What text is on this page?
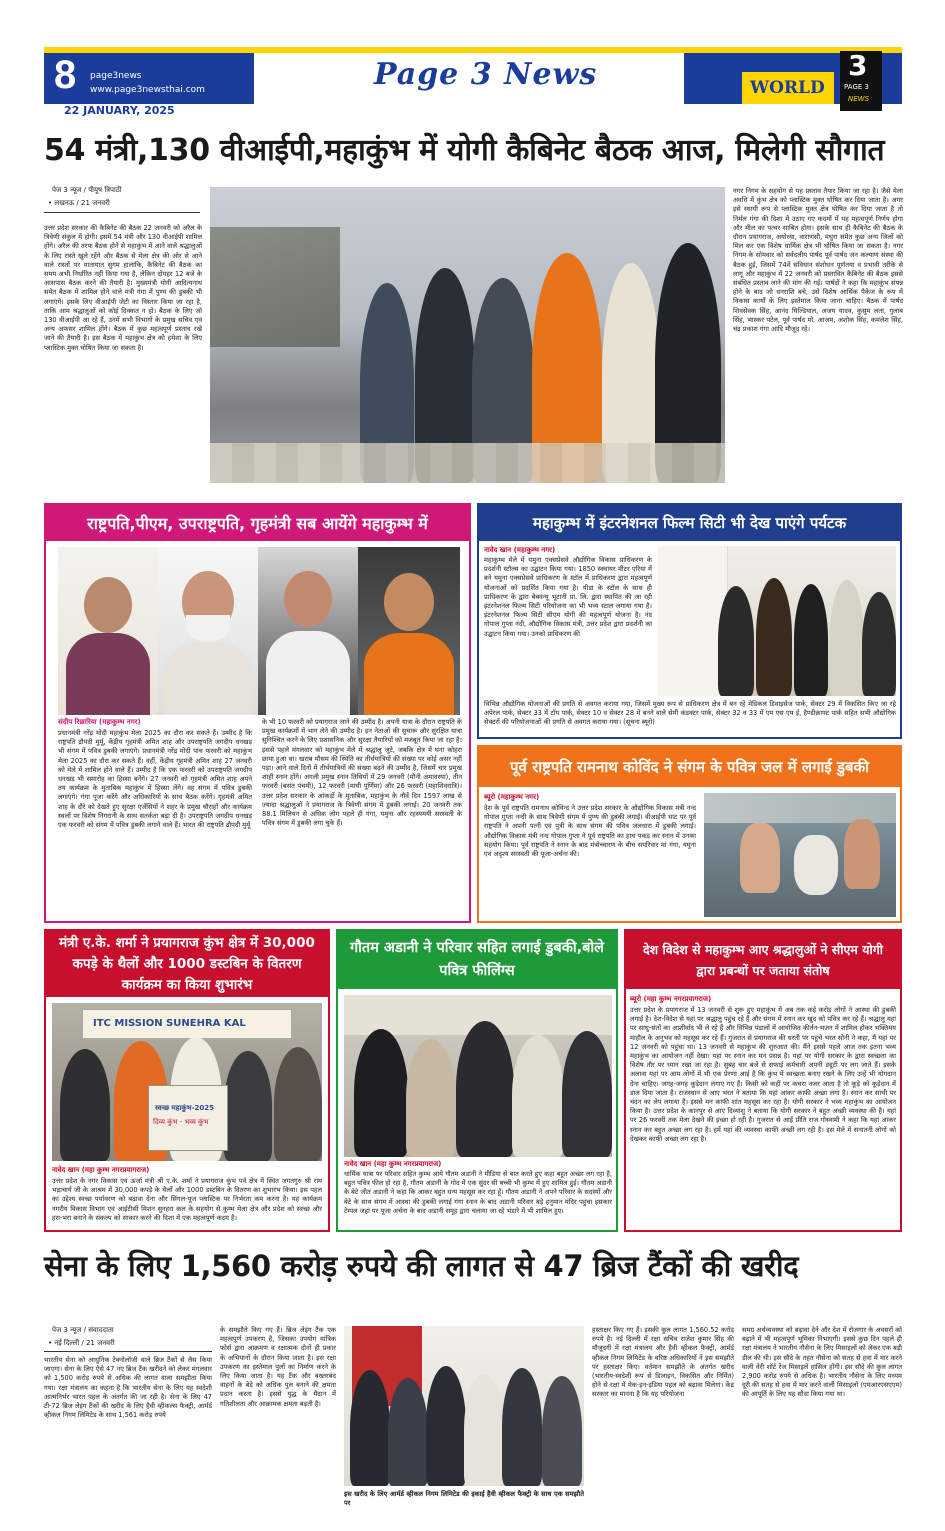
8 page3news
www.page3newsthai.com
22 JANUARY, 2025
Page 3 News	WORLD
3
PAGE 3
NEWS
54 मंत्री,130 वीआईपी,महाकुंभ में योगी कैबिनेट बैठक आज, मिलेगी सौगात
पेज 3 न्यूज / पीयूष त्रिपाठी
• लखनऊ / 21 जनवरी
उत्तर प्रदेश सरकार की कैबिनेट की बैठक 22 जनवरी को अरैल के त्रिवेणी संकुल में होगी। इसमें 54 मंत्री और 130 वीआईपी शामिल होंगे। अरैल की तरफ बैठक होने से महाकुंभ में आने वाले श्रद्धालुओं के लिए रास्ते खुले रहेंगे और बैठक से मेला क्षेत्र की ओर से आने वाले रास्तों पर यातायात सुगम हालांकि, कैबिनेट की बैठक का समय अभी निर्धारित नहीं किया गया है, लेकिन दोपहर 12 बजे के आसपास बैठक करने की तैयारी है। मुख्यमंत्री योगी आदित्यनाथ समेत बैठक में शामिल होने वाले मंत्री गंगा में पुण्य की डुबकी भी लगाएंगे। इसके लिए वीआईपी जेटी का विस्तार किया जा रहा है, ताकि आम श्रद्धालुओं को कोई दिक्कत न हो। बैठक के लिए जो 130 वीआईपी आ रहे हैं, उनमें सभी विभागों के प्रमुख सचिव एवं अन्य अफसर शामिल होंगे। बैठक में कुछ महत्वपूर्ण प्रस्ताव रखे जाने की तैयारी है। इस बैठक में महाकुंभ क्षेत्र को हमेशा के लिए प्लास्टिक मुक्त घोषित किया जा सकता है।
नगर निगम के सहयोग से यह प्रस्ताव तैयार किया जा रहा है। जैसे मेला अवधि में कुंभ क्षेत्र को प्लास्टिक मुक्त घोषित कर दिया जाता है। अगर इसे स्थायी रूप से प्लास्टिक मुक्त क्षेत्र घोषित कर दिया जाता है तो निर्मल गंगा की दिशा में उठाए गए कदमों में यह महत्वपूर्ण निर्णय होगा और मील का पत्थर साबित होगा। इसके साथ ही कैबिनेट की बैठक के दौरान प्रयागराज, अयोध्या, वाराणसी, मथुरा समेत कुछ अन्य जिलों को मिल कर एक विशेष धार्मिक क्षेत्र भी घोषित किया जा सकता है। नगर निगम के सोमवार को सर्वदलीय पार्षद पूर्व पार्षद जन कल्याण संस्था की बैठक हुई, जिसमें 74वें संविधान संशोधन पूर्णतया व प्रभावी तरीके से लागू और महाकुंभ में 22 जनवरी को प्रस्तावित कैबिनेट की बैठक इससे संबंधित प्रस्ताव लाने की मांग की गई। पार्षदों ने कहा कि महाकुंभ संपन्न होने के बाद जो धनराशि बचे, उसे विशेष आर्थिक पैकेज के रूप में विकास कार्यों के लिए इस्तेमाल किया जाना चाहिए। बैठक में पार्षद शिवसेवक सिंह, आनंद घिल्डियाल, अजय यादव, कुसुम लता, गुलाब सिंह, भास्कर पटेल, पूर्व पार्षद मो. आजम, अशोक सिंह, कमलेश सिंह, चंद्र प्रकाश गंगा आदि मौजूद रहे।
राष्ट्रपति,पीएम, उपराष्ट्रपति, गृहमंत्री सब आयेंगे महाकुम्भ में
संदीप रिछारिया (महाकुम्भ नगर)
प्रधानमंत्री नरेंद्र मोदी महाकुंभ मेला 2025 का दौरा कर सकते हैं। उम्मीद है कि राष्ट्रपति द्रौपदी मुर्मू, केंद्रीय गृहमंत्री अमित शाह और उपराष्ट्रपति जगदीप धनखड़ भी संगम में पवित्र डुबकी लगाएंगे। प्रधानमंत्री नरेंद्र मोदी पांच फरवरी को महाकुंभ मेला 2025 का दौरा कर सकते हैं। वहीं, केंद्रीय गृहमंत्री अमित शाह 27 जनवरी को मेले में शामिल होने वाले हैं। उम्मीद है कि एक फरवरी को उपराष्ट्रपति जगदीप धनखड़ भी समारोह का हिस्सा बनेंगे। 27 जनवरी को गृहमंत्री अमित शाह अपने तय कार्यक्रम के मुताबिक महाकुंभ में हिस्सा लेंगे। वह संगम में पवित्र डुबकी लगाएंगे। गंगा पूजा करेंगे और अधिकारियों के साथ बैठक करेंगे। गृहमंत्री अमित शाह के दौरे को देखते हुए सुरक्षा एजेंसियों ने शहर के प्रमुख चौराहों और कार्यक्रम स्थलों पर विशेष निगरानी के साथ सतर्कता बढ़ा दी है। उपराष्ट्रपति जगदीप धनखड़ एक फरवरी को संगम में पवित्र डुबकी लगाने वाले हैं। भारत की राष्ट्रपति द्रौपदी मुर्मू
के भी 10 फरवरी को प्रयागराज जाने की उम्मीद है। अपनी यात्रा के दौरान राष्ट्रपति के प्रमुख कार्यक्रमों में भाग लेने की उम्मीद है। इन नेताओं की सुचारू और सुरक्षित यात्रा सुनिश्चित करने के लिए प्रशासनिक और सुरक्षा तैयारियों को मजबूत किया जा रहा है। इससे पहले मंगलवार को महाकुंभ मेले में श्रद्धालु जुटे, जबकि क्षेत्र में घना कोहरा छाया हुआ था। खराब मौसम की स्थिति का तीर्थयात्रियों की संख्या पर कोई असर नहीं पड़ा। आने वाले दिनों में तीर्थयात्रियों की संख्या बढ़ने की उम्मीद है, जिसमें चार प्रमुख शाही स्नान होंगे। अगली प्रमुख स्नान तिथियों में 29 जनवरी (मौनी अमावस्या), तीन फरवरी (बसंत पंचमी), 12 फरवरी (माघी पूर्णिमा) और 26 फरवरी (महाशिवरात्रि)। उत्तर प्रदेश सरकार के आंकड़ों के मुताबिक, महाकुंभ के नौवें दिन 1597 लाख से ज्यादा श्रद्धालुओं ने प्रयागराज के त्रिवेणी संगम में डुबकी लगाई। 20 जनवरी तक 88.1 मिलियन से अधिक लोग पहले ही गंगा, यमुना और रहस्यमयी सरस्वती के पवित्र संगम में डुबकी लगा चुके हैं।
महाकुम्भ में इंटरनेशनल फिल्म सिटी भी देख पाएंगे पर्यटक
नावेद खान (महाकुम्भ नगर)
महाकुम्भ मेले में यमुना एक्सप्रेसवे औद्योगिक विकास प्राधिकरण के प्रदर्शनी स्टॉल्स का उद्घाटन किया गया। 1850 स्क्वायर मीटर एरिया में बने यमुना एक्सप्रेसवे प्राधिकरण के स्टॉल में प्राधिकरण द्वारा महत्वपूर्ण योजनाओं को प्रदर्शित किया गया है। यीडा के स्टॉल के साथ ही प्राधिकरण के द्वारा बेबवन्यू भूटानी प्रा. लि. द्वारा स्थापित की जा रही इंटरनेशनल फिल्म सिटी परियोजना का भी भव्य स्टाल लगाया गया है। इंटरनेशनल फिल्म सिटी सीएम योगी की महत्वपूर्ण योजना है। नंद गोपाल गुप्ता नंदी, औद्योगिक विकास मंत्री, उत्तर प्रदेश द्वारा प्रदर्शनी का उद्घाटन किया गया। उनको प्राधिकरण की
विभिन्न औद्योगिक योजनाओं की प्रगति से अवगत कराया गया, जिसमें मुख्य रूप से प्राधिकरण क्षेत्र में बन रहे मेडिकल डिवाइसेज पार्क, सेक्टर 29 में विकसित किए जा रहे अपेरल पार्क, सेक्टर 33 में टॉय पार्क, सेक्टर 10 व सेक्टर 28 में बनने वाले सेमी कंडक्टर पार्क, सेक्टर 32 व 33 में एम एस एम ई, हैण्डीक्राफ्ट पार्क सहित सभी औद्योगिक सेक्टरों की परियोजनाओं की प्रगति से अवगत कराया गया। (सूचना ब्यूरो)
पूर्व राष्ट्रपति रामनाथ कोविंद ने संगम के पवित्र जल में लगाई डुबकी
ब्यूरो (महाकुम्भ नगर)
देश के पूर्व राष्ट्रपति रामनाथ कोविन्द ने उत्तर प्रदेश सरकार के औद्योगिक विकास मंत्री नन्द गोपाल गुप्ता नन्दी के साथ त्रिवेणी संगम में पुण्य की डुबकी लगाई। वीआईपी घाट पर पूर्व राष्ट्रपति ने अपनी पत्नी एवं पुत्री के साथ संगम की पवित्र जलधारा में डुबकी लगाई। औद्योगिक विकास मंत्री नन्द गोपाल गुप्ता ने पूर्व राष्ट्रपति का हाथ पकड़ कर स्नान में उनका सहयोग किया। पूर्व राष्ट्रपति ने स्नान के बाद मंत्रोच्चारण के बीच सपरिवार मां गंगा, यमुना एवं अदृश्य सरस्वती की पूजा-अर्चना की।
मंत्री ए.के. शर्मा ने प्रयागराज कुंभ क्षेत्र में 30,000 कपड़े के थैलों और 1000 डस्टबिन के वितरण कार्यक्रम का किया शुभारंभ
ITC MISSION SUNEHRA KAL
स्वच्छ महाकुंभ-2025
दिव्य कुंभ - भव्य कुंभ
नावेद खान (महा कुम्भ नगरप्रयागराज)
उत्तर प्रदेश के नगर विकास एवं ऊर्जा मंत्री श्री ए.के. शर्मा ने प्रयागराज कुंभ पर्व क्षेत्र में स्थित जगतगुरु श्री राम भद्राचार्य जी के आश्रम में 30,000 कपड़े के थैलों और 1000 डस्टबिन के वितरण का शुभारंभ किया। इस पहल का उद्देश्य स्वच्छ पर्यावरण को बढ़ावा देना और सिंगल-यूज प्लास्टिक पर निर्भरता कम करना है। यह कार्यक्रम नगरीय विकास विभाग एवं आईटीसी मिशन सुनहरा कल के सहयोग से कुम्भ मेला क्षेत्र और प्रदेश को स्वच्छ और हरा-भरा बनाने के संकल्प को साकार करने की दिशा में एक महत्वपूर्ण कदम है।
गौतम अडानी ने परिवार सहित लगाई डुबकी,बोले पवित्र फीलिंग्स
नावेद खान (महा कुम्भ नगरप्रयागराज)
धार्मिक यात्रा पर परिवार सहित कुम्भ आये गौतम अडानी ने मीडिया से बात करते हुए कहा बहुत अच्छा लग रहा है, बहुत पवित्र फील हो रहा है, गौतम अडानी के गोद में एक सुंदर सी बच्ची भी कुम्भ में हुए शामिल हुई। गौतम अडानी के बेटे जीत अडानी ने कहा कि आकर बहुत धन्य महसूस कर रहा हूँ। गौतम अडानी ने अपने परिवार के सदस्यों और बेटे के साथ संगम में आस्था की डुबकी लगाई गंगा स्नान के बाद अडानी परिवार बड़े हनुमान मंदिर पहुंचा इसकार टेम्पल जहां पर पूजा अर्चना के बाद अडानी समूह द्वारा चलाया जा रहे भंडारे में भी शामिल हुए।
देश विदेश से महाकुम्भ आए श्रद्धालुओं ने सीएम योगी द्वारा प्रबन्धों पर जताया संतोष
ब्यूरो (महा कुम्भ नगरप्रयागराज)
उत्तर प्रदेश के प्रयागराज में 13 जनवरी से शुरू हुए महाकुंभ में अब तक कई करोड़ लोगों ने आस्था की डुबकी लगाई है। देश-विदेश से यहां पर श्रद्धालु पहुंच रहे हैं और संगम में स्नान कर खुद को पवित्र कर रहे हैं। श्रद्धालु यहां पर साधु-संतों का आशीर्वाद भी ले रहे हैं और विभिन्न पंडालों में आयोजित कीर्तन-भजन में शामिल होकर भक्तिमय माहौल के अनुभव को महसूस कर रहे हैं। गुजरात से प्रयागराज की धरती पर पहुंचे भरत सोनी ने कहा, मैं यहां पर 12 जनवरी को पहुंचा था। 13 जनवरी से महाकुंभ की शुरुआत की। मैंने इससे पहले आज तक इतना भव्य महाकुंभ का आयोजन नहीं देखा। यहां पर स्नान कर मन प्रसन्न है। यहां पर योगी सरकार के द्वारा स्वच्छता का विशेष तौर पर ध्यान रखा जा रहा है। सुबह चार बजे से सफाई कर्मचारी अपनी ड्यूटी पर लग जाते हैं। इसके अलावा यहां पर आम लोगों में भी एक प्रेरणा आई है कि कुंभ में स्वच्छता बनाए रखने के लिए उन्हें भी योगदान देना चाहिए। जगह-जगह कूड़ेदान लगाए गए हैं। किसी को कहीं पर कचरा नजर आता है तो कूड़े को कूड़ेदान में डाल दिया जाता है। राजस्थान से आए भरत ने बताया कि यहां आकर काफी अच्छा लगा है। स्नान कर साथी पर चंदन का लेप लगाया है। इससे मन काफी शांत महसूस कर रहा है। योगी सरकार ने भव्य महाकुंभ का आयोजन किया है। उत्तर प्रदेश के कानपुर से आए दिव्यांशु ने बताया कि योगी सरकार ने बहुत अच्छी व्यवस्था की है। यहां पर 26 फरवरी तक मेला देखने की इच्छा हो रही है। गुजरात से आई प्रीति राज गोस्वामी ने कहा कि यहां आकर स्नान कर बहुत अच्छा लग रहा है। हमें यहां की व्यवस्था काफी अच्छी लग रही है। इस मेले में सनातनी लोगों को देखकर काफी अच्छा लग रहा है।
सेना के लिए 1,560 करोड़ रुपये की लागत से 47 ब्रिज टैंकों की खरीद
पेज 3 न्यूज / संवाददाता
• नई दिल्ली / 21 जनवरी
भारतीय सेना को आधुनिक टेक्नोलॉजी वाले ब्रिज टैंकों से लैस किया जाएगा। सेना के लिए ऐसे 47 नए ब्रिज टैंक खरीदने को लेकर मंगलवार को 1,500 करोड़ रुपये से अधिक की लागत वाला समझौता किया गया। रक्षा मंत्रालय का कहना है कि भारतीय सेना के लिए यह स्वदेशी आत्मनिर्भर भारत पहल के अंतर्गत की जा रही है। सेना के लिए 47 टी-72 ब्रिज लेइंग टैंकों की खरीद के लिए हैवी व्हीकल्स फैक्ट्री, आर्मर्ड व्हीकल निगम लिमिटेड के साथ 1,561 करोड़ रुपये
के समझौते किए गए हैं। ब्रिज लेइंग टैंक एक महत्वपूर्ण उपकरण है, जिसका उपयोग यांत्रिक फोर्स द्वारा आक्रमण व रक्षात्मक दोनों ही प्रकार के अभियानों के दौरान किया जाता है। इस रक्षा उपकरण का इस्तेमाल पुलों का निर्माण करने के लिए किया जाता है। यह टैंक और बख्तरबंद वाहनों के बेड़े को अधिक पुल बनाने की क्षमता प्रदान करता है। इससे युद्ध के मैदान में गतिशीलता और आक्रामक क्षमता बढ़ती है।
इस खरीद के लिए आर्मर्ड व्हीकल निगम लिमिटेड की इकाई हैवी व्हीकल फैक्ट्री के साथ एक समझौते पर
हस्ताक्षर किए गए हैं। इसकी कुल लागत 1,560.52 करोड़ रुपये है। नई दिल्ली में रक्षा सचिव राजेश कुमार सिंह की मौजूदगी में रक्षा मंत्रालय और हैवी व्हीकल फैक्ट्री, आर्मर्ड व्हीकल निगम लिमिटेड के वरिष्ठ अधिकारियों ने इस समझौते पर हस्ताक्षर किए। वर्तमान समझौते के अंतर्गत खरीद (भारतीय-स्वदेशी रूप से डिजाइन, विकसित और निर्मित) होने से रक्षा में मेक-इन-इंडिया पहल को बढ़ावा मिलेगा। केंद्र सरकार का मानना है कि यह परियोजना
समग्र अर्थव्यवस्था को बढ़ावा देने और देश में रोजगार के अवसरों को बढ़ाने में भी महत्वपूर्ण भूमिका निभाएगी। इससे कुछ दिन पहले ही रक्षा मंत्रालय ने भारतीय नौसेना के लिए मिसाइलों को लेकर एक बड़ी डील की थी। इस सौदे के तहत नौसेना को सतह से हवा में मार करने वाली वेरी शॉर्ट रेंज मिसाइलें हासिल होंगी। इस सौदे की कुल लागत 2,900 करोड़ रुपये से अधिक है। भारतीय नौसेना के लिए मध्यम दूरी की सतह से हवा में मार करने वाली मिसाइलों (एमआरएसएएम) की आपूर्ति के लिए यह सौदा किया गया था।
